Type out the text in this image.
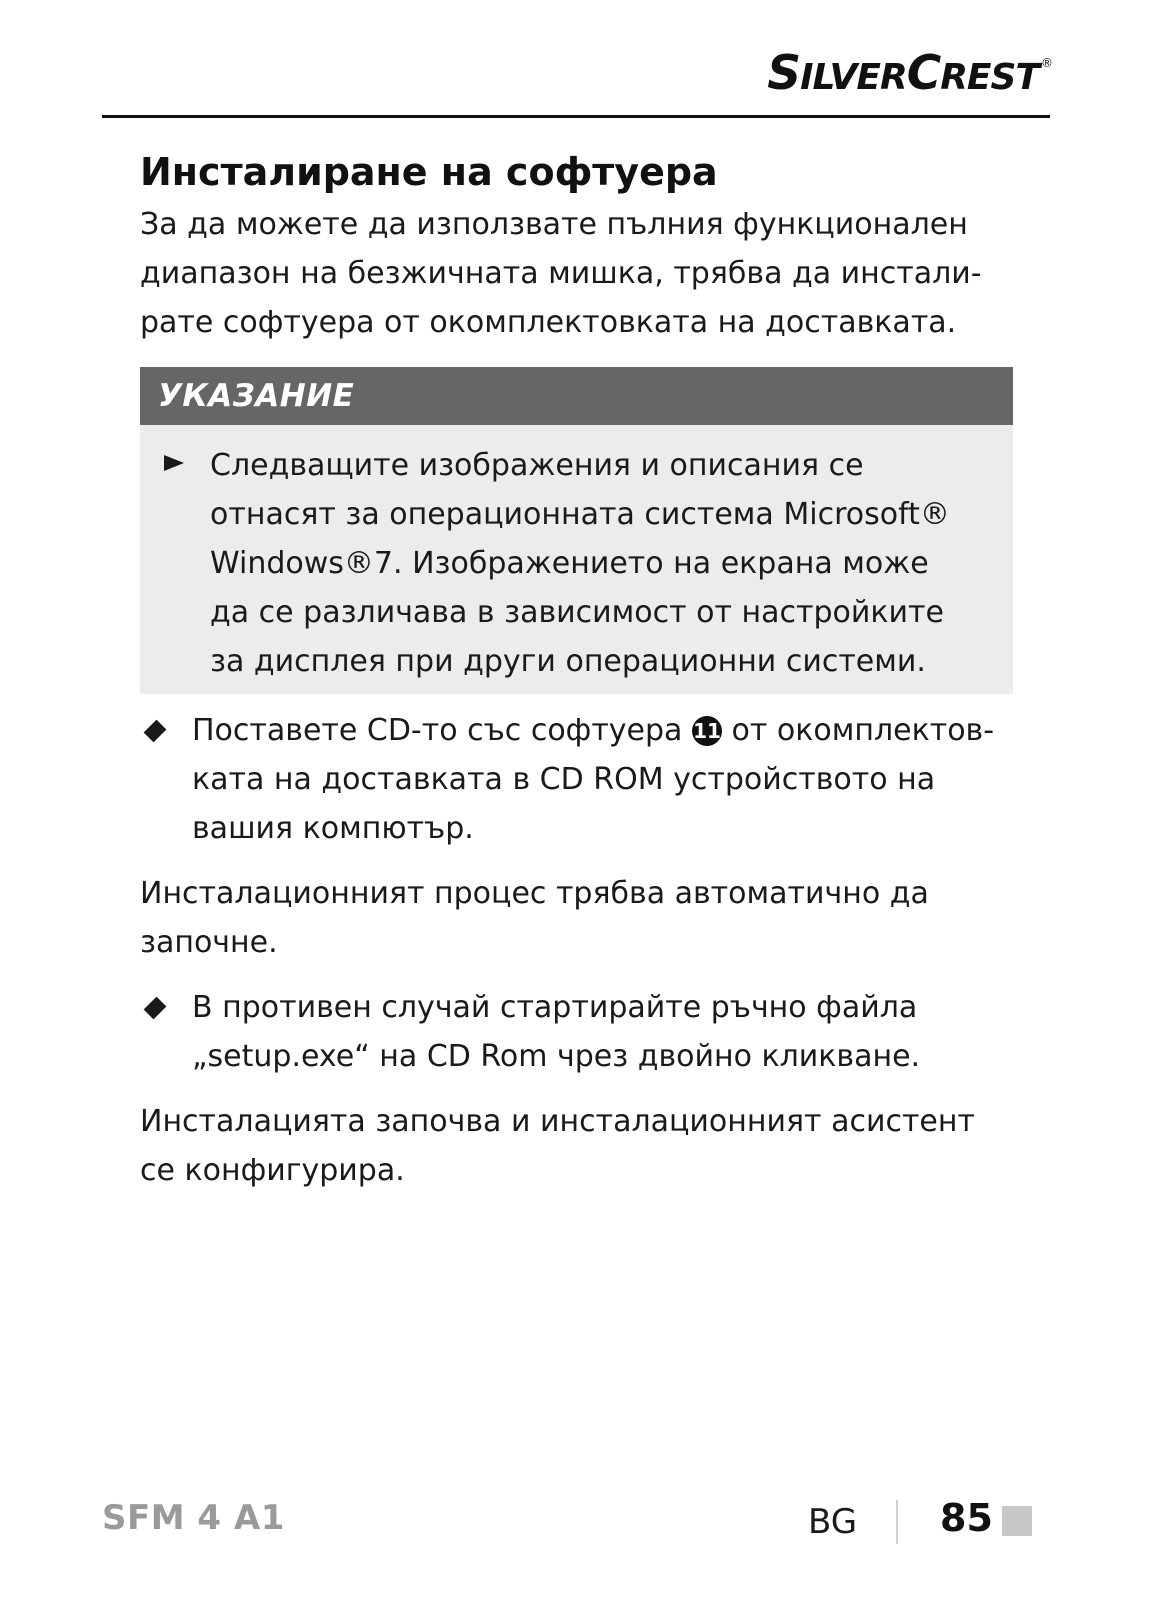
SILVERCREST ®
Инсталиране на софтуера

За да можете да използвате пълния функционален

диапазон на безжичната мишка, трябва да инстали-

рате софтуера от окомплектовката на доставката.

УКАЗАНИЕ

Следващите изображения и описания се

отнасят за операционната система Microsoft®

Windows®7. Изображението на екрана може

да се различава в зависимост от настройките

за дисплея при други операционни системи.

Поставете CD-то със софтуера 11 от окомплектов-

ката на доставката в CD ROM устройството на

вашия компютър.

Инсталационният процес трябва автоматично да

започне.

В противен случай стартирайте ръчно файла

„setup.exe“ на CD Rom чрез двойно кликване.

Инсталацията започва и инсталационният асистент

се конфигурира.

SFM 4 A1	BG 85
